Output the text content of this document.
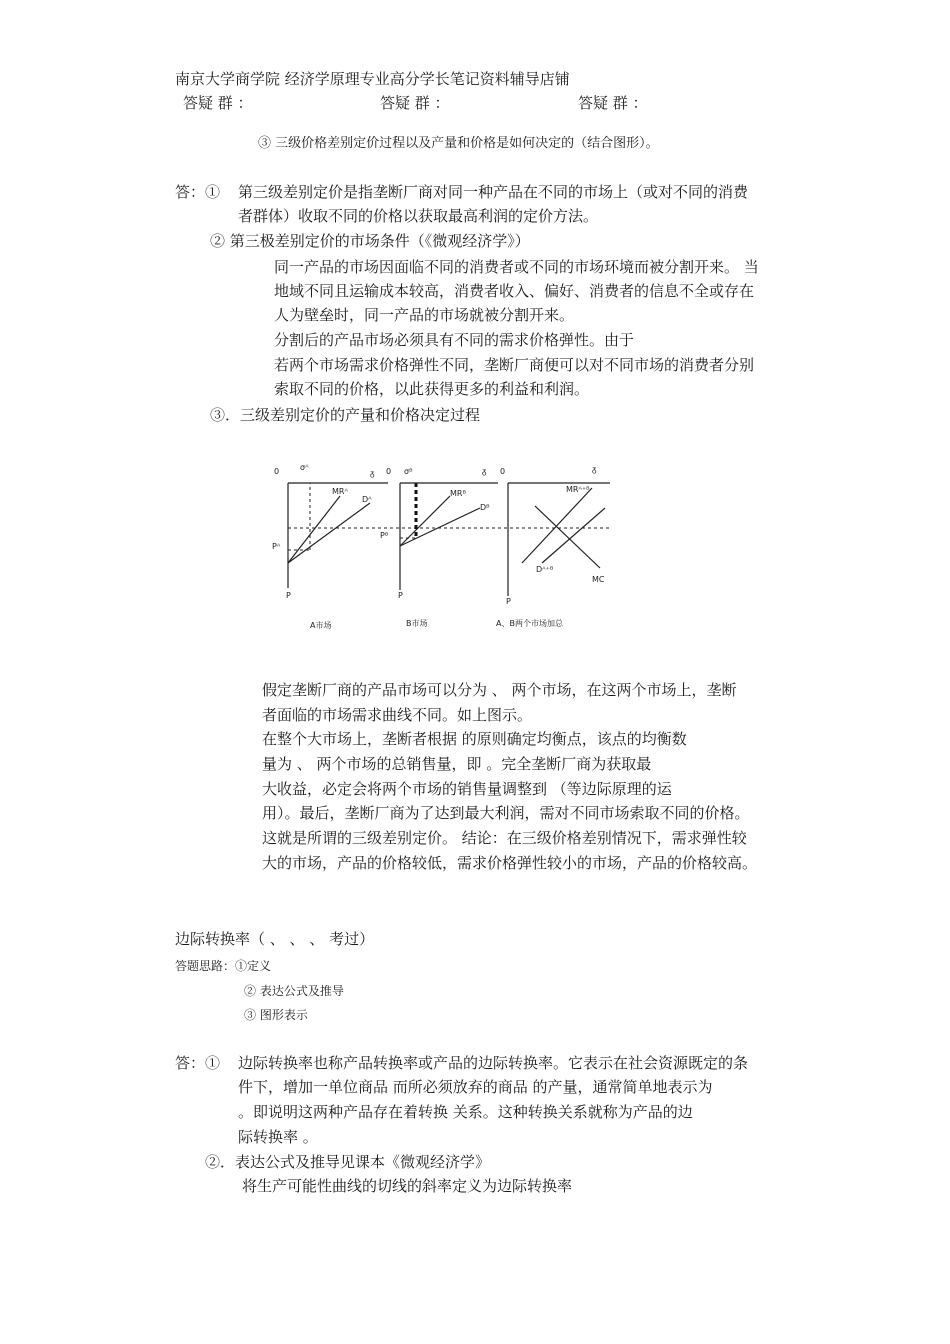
南京大学商学院 经济学原理专业高分学长笔记资料辅导店铺
答疑 群 ：	答疑 群 ：	答疑 群 ：
③ 三级价格差别定价过程以及产量和价格是如何决定的（结合图形）。
答：① 第三级差别定价是指垄断厂商对同一种产品在不同的市场上（或对不同的消费
者群体）收取不同的价格以获取最高利润的定价方法。
② 第三极差别定价的市场条件（《微观经济学》）
同一产品的市场因面临不同的消费者或不同的市场环境而被分割开来。 当
地域不同且运输成本较高，消费者收入、偏好、消费者的信息不全或存在
人为壁垒时，同一产品的市场就被分割开来。
分割后的产品市场必须具有不同的需求价格弹性。由于
若两个市场需求价格弹性不同，垄断厂商便可以对不同市场的消费者分别
索取不同的价格，以此获得更多的利益和利润。
③．三级差别定价的产量和价格决定过程
0	σᴬ
ᵹ
MRᴬ
Dᴬ
Pᴬ
P
A市场
0 σᴮ	ᵹ
MRᴮ
Dᴮ
Pᴮ
P
B市场
0	ᵹ
MRᴬ⁺ᴮ
Dᴬ⁺ᴮ
MC
P
A、B两个市场加总
假定垄断厂商的产品市场可以分为 、 两个市场，在这两个市场上，垄断
者面临的市场需求曲线不同。如上图示。
在整个大市场上，垄断者根据 的原则确定均衡点，该点的均衡数
量为 、 两个市场的总销售量，即 。完全垄断厂商为获取最
大收益，必定会将两个市场的销售量调整到 （等边际原理的运
用）。最后，垄断厂商为了达到最大利润，需对不同市场索取不同的价格。
这就是所谓的三级差别定价。 结论：在三级价格差别情况下，需求弹性较
大的市场，产品的价格较低，需求价格弹性较小的市场，产品的价格较高。
边际转换率（ 、 、 、 考过）
答题思路：①定义
② 表达公式及推导
③ 图形表示
答：① 边际转换率也称产品转换率或产品的边际转换率。它表示在社会资源既定的条
件下，增加一单位商品 而所必须放弃的商品 的产量，通常简单地表示为
。即说明这两种产品存在着转换 关系。这种转换关系就称为产品的边
际转换率 。
②．表达公式及推导见课本《微观经济学》
将生产可能性曲线的切线的斜率定义为边际转换率
